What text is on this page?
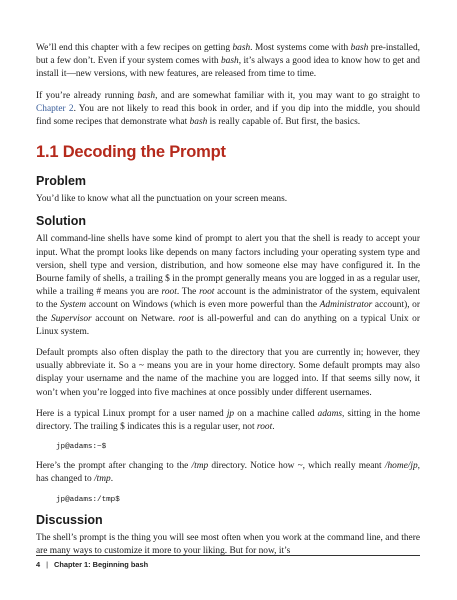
We’ll end this chapter with a few recipes on getting bash. Most systems come with bash pre-installed, but a few don’t. Even if your system comes with bash, it’s always a good idea to know how to get and install it—new versions, with new features, are released from time to time.

If you’re already running bash, and are somewhat familiar with it, you may want to go straight to Chapter 2. You are not likely to read this book in order, and if you dip into the middle, you should find some recipes that demonstrate what bash is really capable of. But first, the basics.

1.1 Decoding the Prompt
Problem

You’d like to know what all the punctuation on your screen means.

Solution

All command-line shells have some kind of prompt to alert you that the shell is ready to accept your input. What the prompt looks like depends on many factors including your operating system type and version, shell type and version, distribution, and how someone else may have configured it. In the Bourne family of shells, a trailing $ in the prompt generally means you are logged in as a regular user, while a trailing # means you are root. The root account is the administrator of the system, equivalent to the System account on Windows (which is even more powerful than the Administrator account), or the Supervisor account on Netware. root is all-powerful and can do anything on a typical Unix or Linux system.

Default prompts also often display the path to the directory that you are currently in; however, they usually abbreviate it. So a ~ means you are in your home directory. Some default prompts may also display your username and the name of the machine you are logged into. If that seems silly now, it won’t when you’re logged into five machines at once possibly under different usernames.

Here is a typical Linux prompt for a user named jp on a machine called adams, sitting in the home directory. The trailing $ indicates this is a regular user, not root.

jp@adams:~$

Here’s the prompt after changing to the /tmp directory. Notice how ~, which really meant /home/jp, has changed to /tmp.

jp@adams:/tmp$
Discussion

The shell’s prompt is the thing you will see most often when you work at the command line, and there are many ways to customize it more to your liking. But for now, it’s

4 | Chapter 1: Beginning bash
